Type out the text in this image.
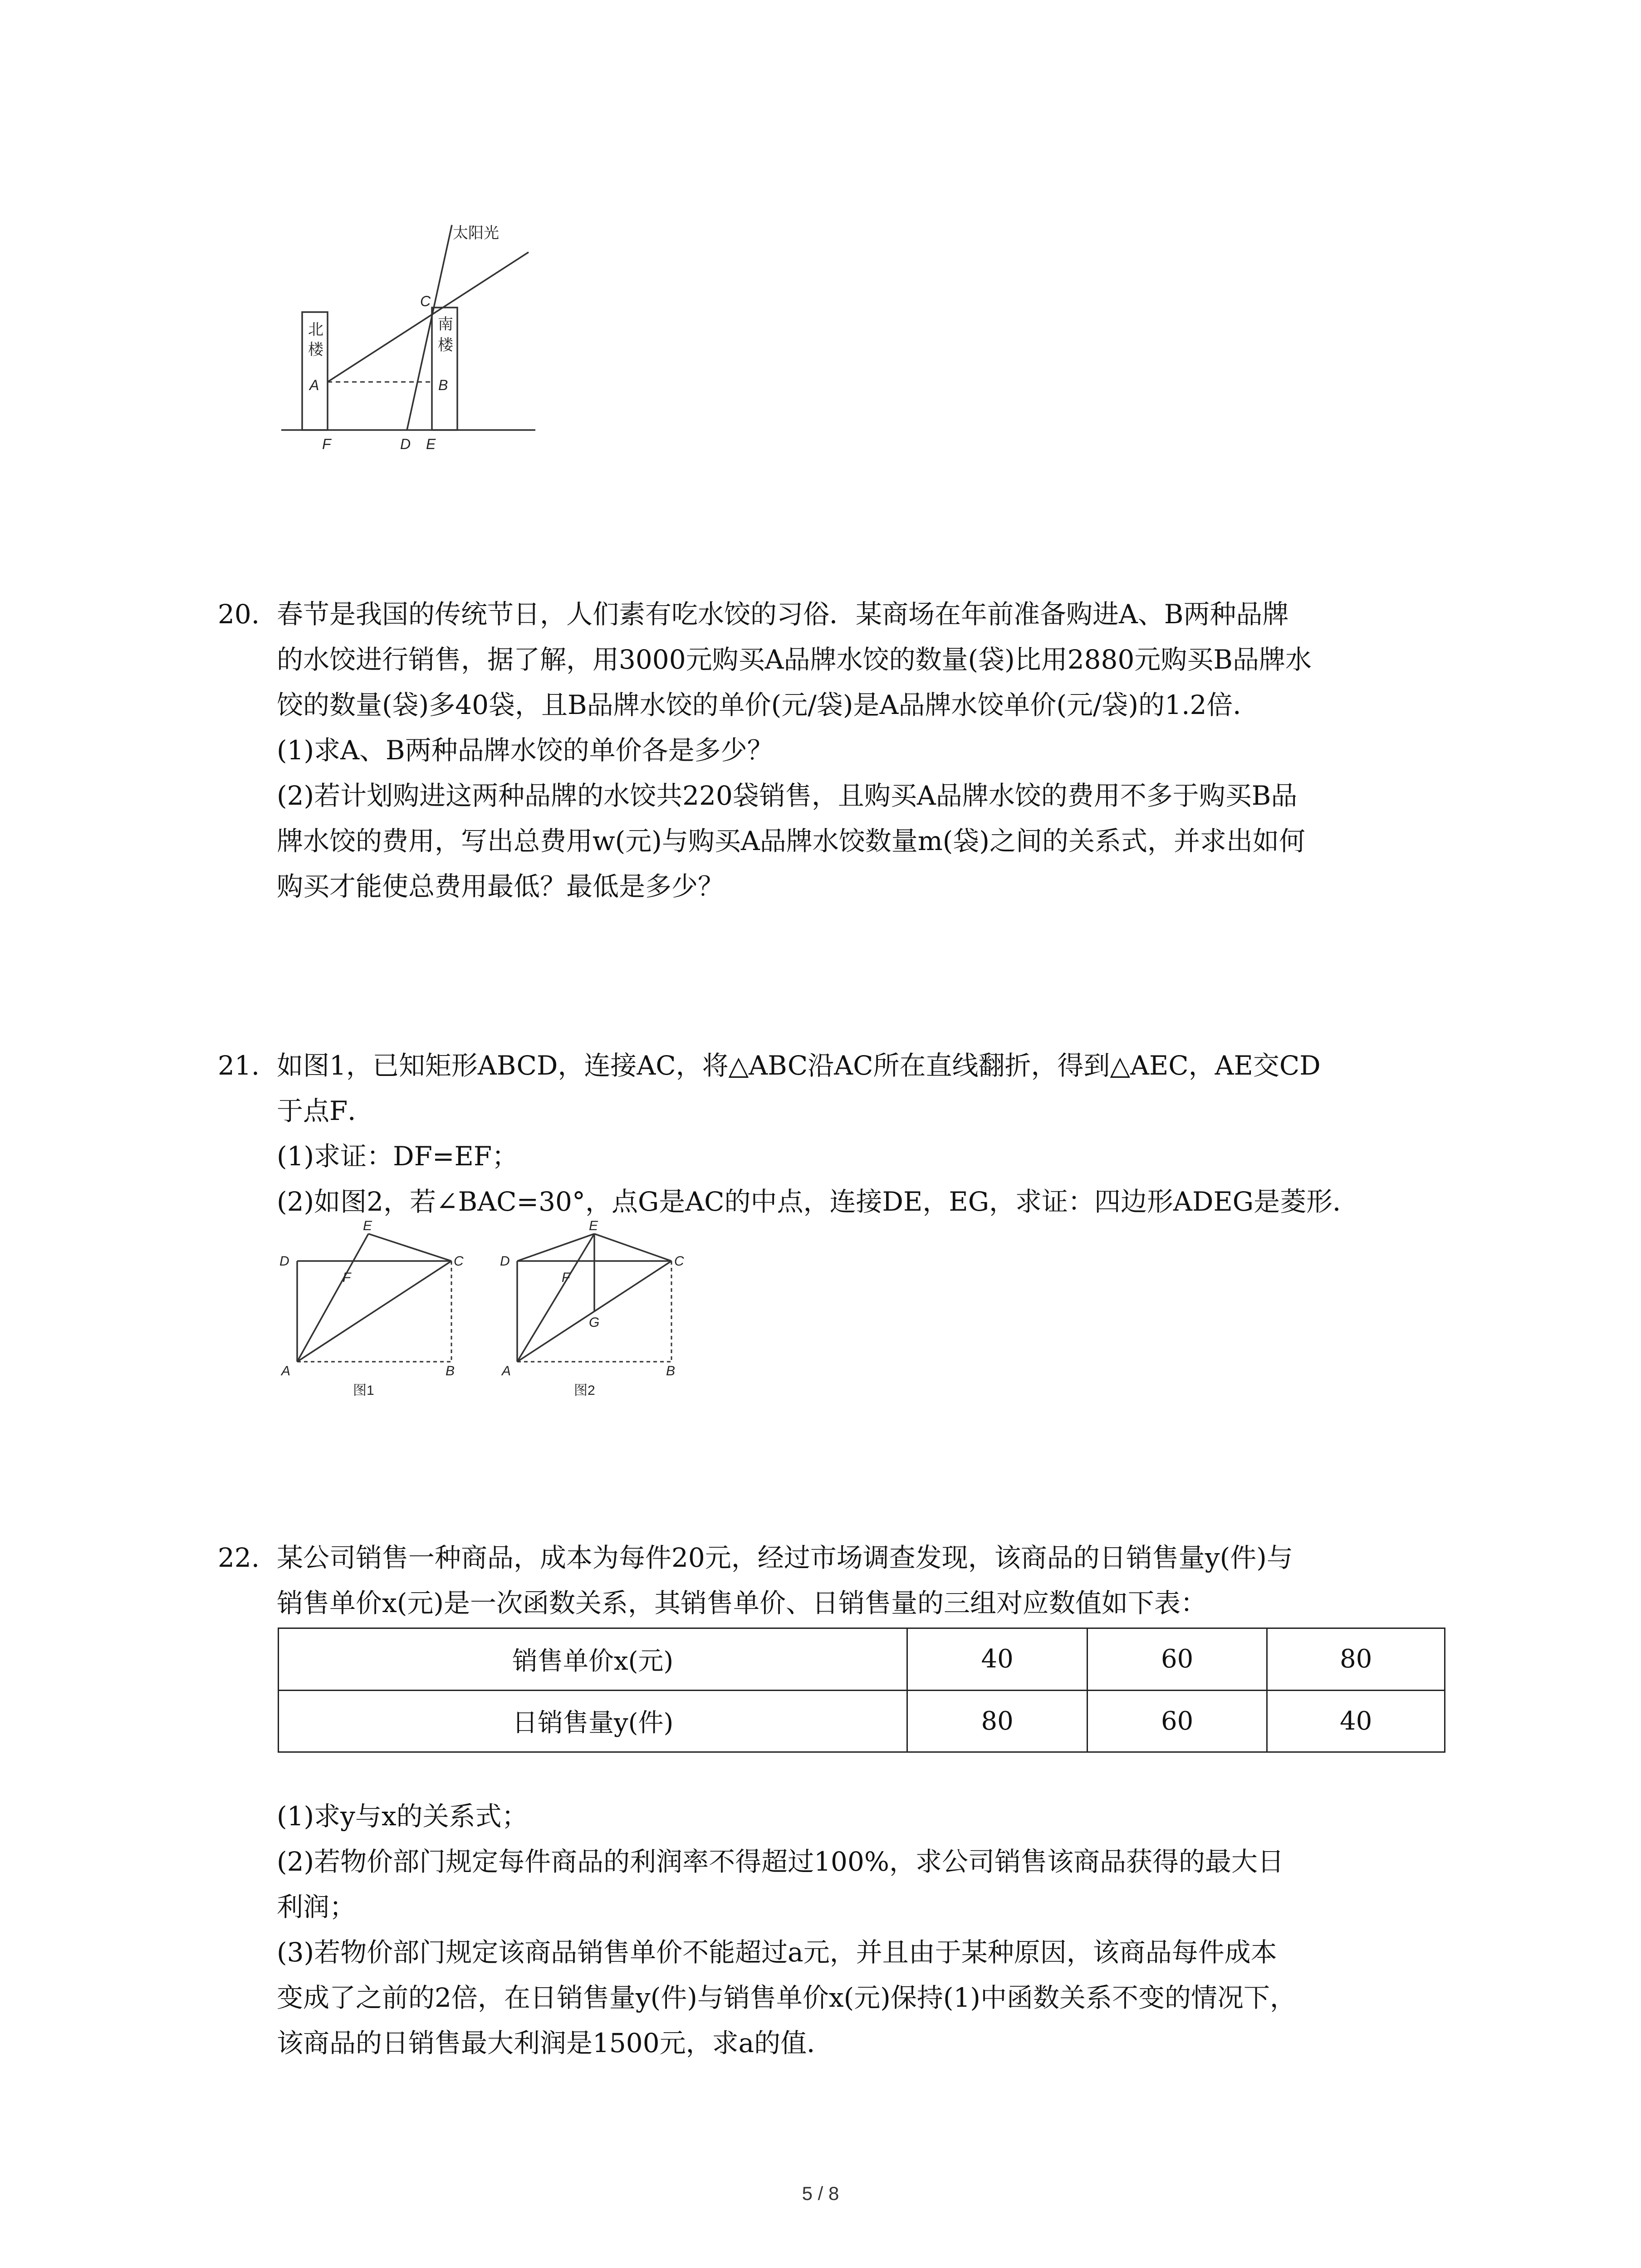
太阳光
北
楼
南
楼
A	B
C
D E
F
20. 春节是我国的传统节日，人们素有吃水饺的习俗．某商场在年前准备购进A、B两种品牌
的水饺进行销售，据了解，用3000元购买A品牌水饺的数量(袋)比用2880元购买B品牌水
饺的数量(袋)多40袋，且B品牌水饺的单价(元/袋)是A品牌水饺单价(元/袋)的1.2倍．
(1)求A、B两种品牌水饺的单价各是多少？
(2)若计划购进这两种品牌的水饺共220袋销售，且购买A品牌水饺的费用不多于购买B品
牌水饺的费用，写出总费用w(元)与购买A品牌水饺数量m(袋)之间的关系式，并求出如何
购买才能使总费用最低？最低是多少？
21. 如图1，已知矩形ABCD，连接AC，将△ABC沿AC所在直线翻折，得到△AEC，AE交CD
于点F．
(1)求证：DF=EF；
(2)如图2，若∠BAC=30°，点G是AC的中点，连接DE，EG，求证：四边形ADEG是菱形．
A	B
C
D
E
F
图1
A	B
C
D
E
F
G
图2
22. 某公司销售一种商品，成本为每件20元，经过市场调查发现，该商品的日销售量y(件)与
销售单价x(元)是一次函数关系，其销售单价、日销售量的三组对应数值如下表：
销售单价x(元)	40	60	80
日销售量y(件)	80	60	40
(1)求y与x的关系式；
(2)若物价部门规定每件商品的利润率不得超过100%，求公司销售该商品获得的最大日
利润；
(3)若物价部门规定该商品销售单价不能超过a元，并且由于某种原因，该商品每件成本
变成了之前的2倍，在日销售量y(件)与销售单价x(元)保持(1)中函数关系不变的情况下，
该商品的日销售最大利润是1500元，求a的值．
5 / 8
